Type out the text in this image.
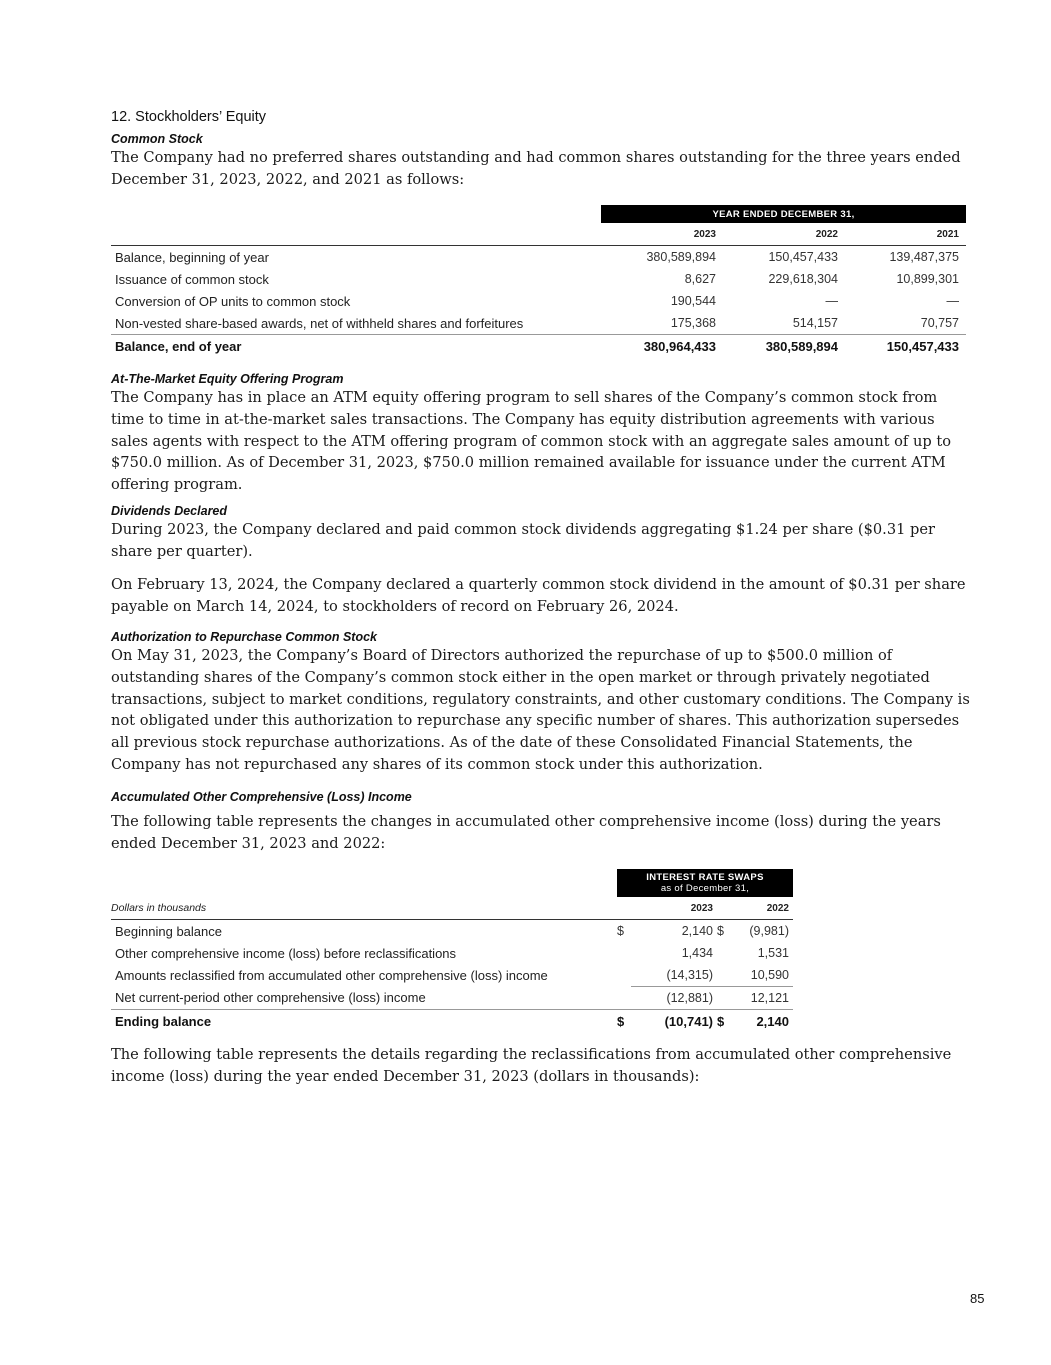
12. Stockholders’ Equity
Common Stock

The Company had no preferred shares outstanding and had common shares outstanding for the three years ended December 31, 2023, 2022, and 2021 as follows:

	YEAR ENDED DECEMBER 31,		
	2023	2022	2021
Balance, beginning of year	380,589,894	150,457,433	139,487,375
Issuance of common stock	8,627	229,618,304	10,899,301
Conversion of OP units to common stock	190,544	—	—
Non-vested share-based awards, net of withheld shares and forfeitures	175,368	514,157	70,757
Balance, end of year	380,964,433	380,589,894	150,457,433
At-The-Market Equity Offering Program

The Company has in place an ATM equity offering program to sell shares of the Company’s common stock from time to time in at-the-market sales transactions. The Company has equity distribution agreements with various sales agents with respect to the ATM offering program of common stock with an aggregate sales amount of up to $750.0 million. As of December 31, 2023, $750.0 million remained available for issuance under the current ATM offering program.

Dividends Declared

During 2023, the Company declared and paid common stock dividends aggregating $1.24 per share ($0.31 per share per quarter).

On February 13, 2024, the Company declared a quarterly common stock dividend in the amount of $0.31 per share payable on March 14, 2024, to stockholders of record on February 26, 2024.

Authorization to Repurchase Common Stock

On May 31, 2023, the Company’s Board of Directors authorized the repurchase of up to $500.0 million of outstanding shares of the Company’s common stock either in the open market or through privately negotiated transactions, subject to market conditions, regulatory constraints, and other customary conditions. The Company is not obligated under this authorization to repurchase any specific number of shares. This authorization supersedes all previous stock repurchase authorizations. As of the date of these Consolidated Financial Statements, the Company has not repurchased any shares of its common stock under this authorization.

Accumulated Other Comprehensive (Loss) Income

The following table represents the changes in accumulated other comprehensive income (loss) during the years ended December 31, 2023 and 2022:

	INTEREST RATE SWAPS
as of December 31,			

Dollars in thousands		2023		2022
Beginning balance	$	2,140	$	(9,981)
Other comprehensive income (loss) before reclassifications		1,434		1,531
Amounts reclassified from accumulated other comprehensive (loss) income		(14,315)		10,590
Net current-period other comprehensive (loss) income		(12,881)		12,121
Ending balance	$	(10,741)	$	2,140

The following table represents the details regarding the reclassifications from accumulated other comprehensive income (loss) during the year ended December 31, 2023 (dollars in thousands):

85
